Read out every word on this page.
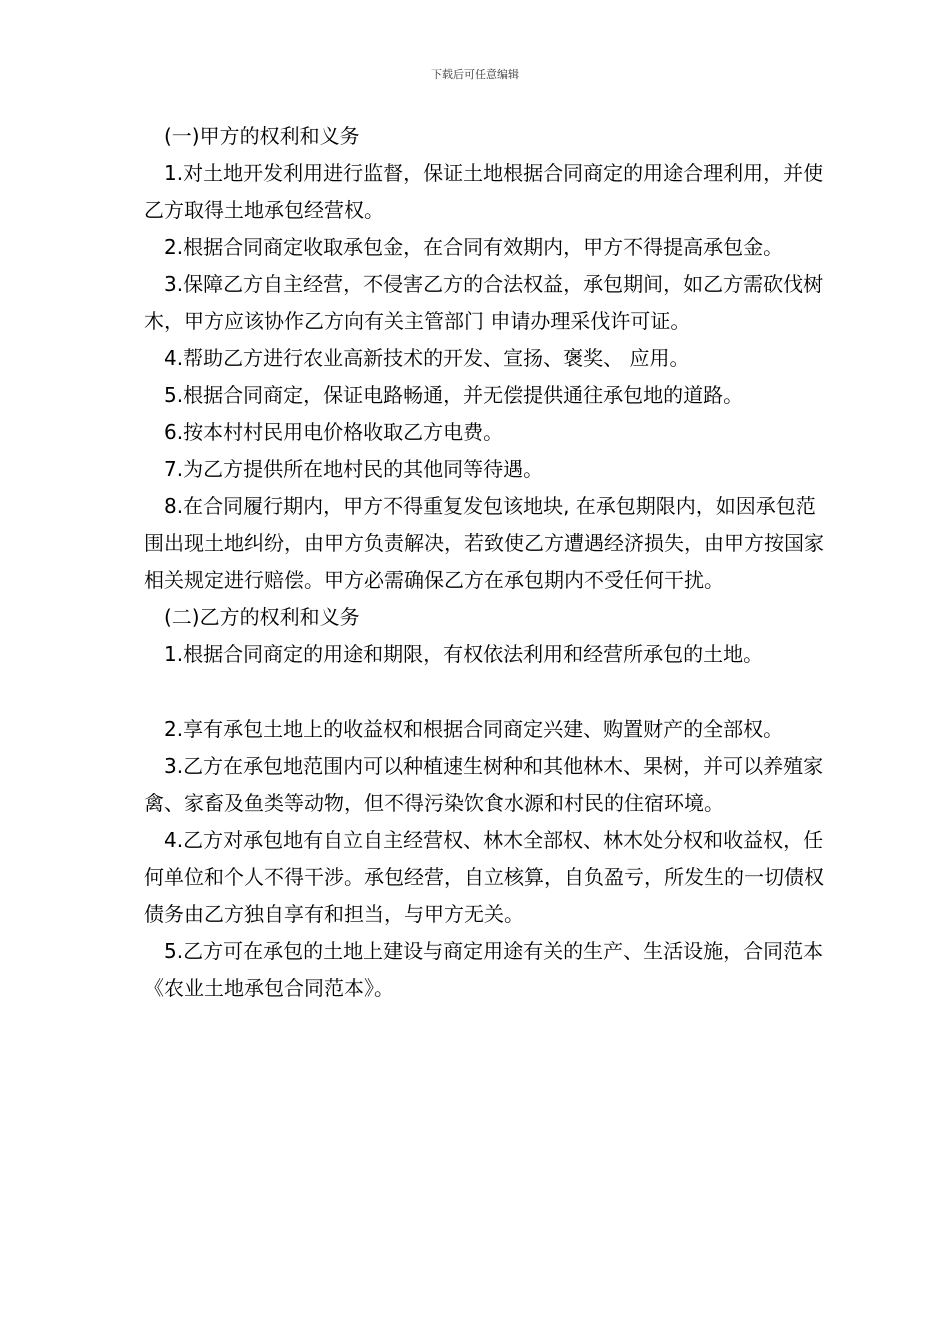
下载后可任意编辑

(一)甲方的权利和义务

1.对土地开发利用进行监督，保证土地根据合同商定的用途合理利用，并使乙方取得土地承包经营权。

2.根据合同商定收取承包金，在合同有效期内，甲方不得提高承包金。

3.保障乙方自主经营，不侵害乙方的合法权益，承包期间，如乙方需砍伐树木，甲方应该协作乙方向有关主管部门 申请办理采伐许可证。

4.帮助乙方进行农业高新技术的开发、宣扬、褒奖、 应用。

5.根据合同商定，保证电路畅通，并无偿提供通往承包地的道路。

6.按本村村民用电价格收取乙方电费。

7.为乙方提供所在地村民的其他同等待遇。

8.在合同履行期内，甲方不得重复发包该地块, 在承包期限内，如因承包范围出现土地纠纷，由甲方负责解决，若致使乙方遭遇经济损失，由甲方按国家相关规定进行赔偿。甲方必需确保乙方在承包期内不受任何干扰。

(二)乙方的权利和义务

1.根据合同商定的用途和期限，有权依法利用和经营所承包的土地。

2.享有承包土地上的收益权和根据合同商定兴建、购置财产的全部权。

3.乙方在承包地范围内可以种植速生树种和其他林木、果树，并可以养殖家禽、家畜及鱼类等动物，但不得污染饮食水源和村民的住宿环境。

4.乙方对承包地有自立自主经营权、林木全部权、林木处分权和收益权，任何单位和个人不得干涉。承包经营，自立核算，自负盈亏，所发生的一切债权债务由乙方独自享有和担当，与甲方无关。

5.乙方可在承包的土地上建设与商定用途有关的生产、生活设施，合同范本《农业土地承包合同范本》。
